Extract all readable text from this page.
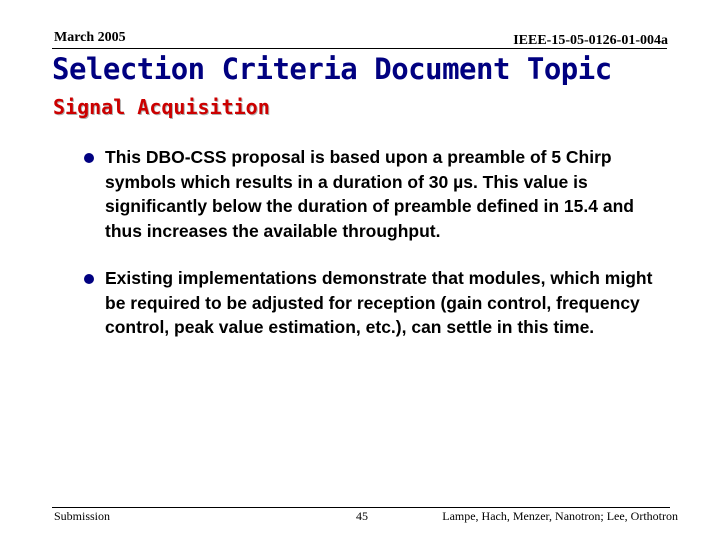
March 2005	IEEE-15-05-0126-01-004a
Selection Criteria Document Topic
Signal Acquisition
This DBO-CSS proposal is based upon a preamble of 5 Chirp symbols which results in a duration of 30 µs. This value is significantly below the duration of preamble defined in 15.4 and thus increases the available throughput.
Existing implementations demonstrate that modules, which might be required to be adjusted for reception (gain control, frequency control, peak value estimation, etc.), can settle in this time.
Submission	45	Lampe, Hach, Menzer, Nanotron; Lee, Orthotron
